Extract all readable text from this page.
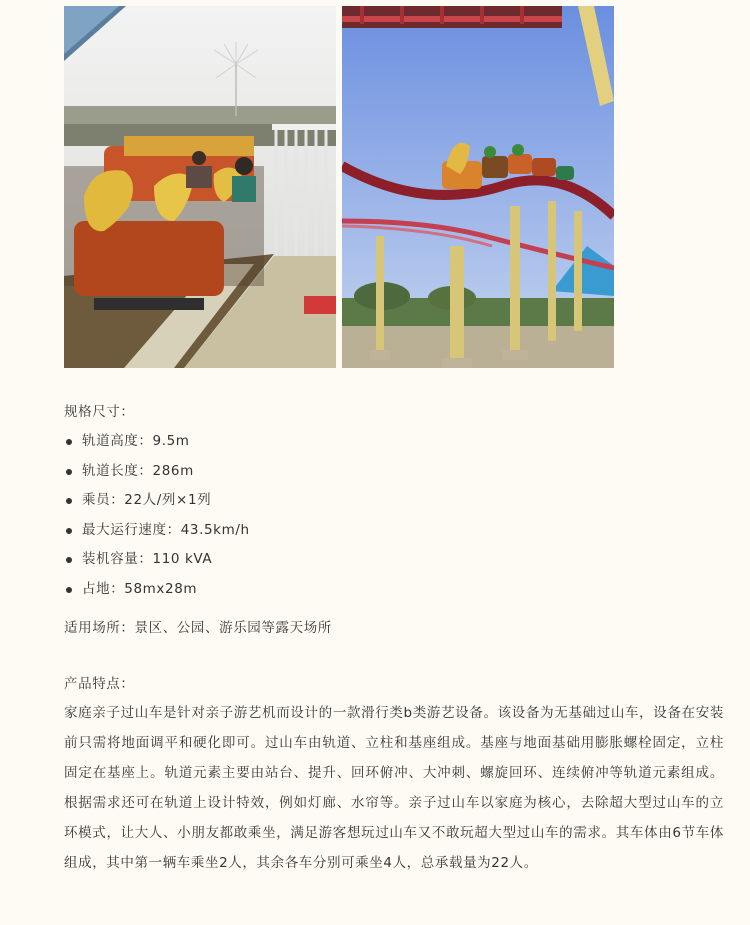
规格尺寸：
轨道高度：9.5m
轨道长度：286m
乘员：22人/列×1列
最大运行速度：43.5km/h
装机容量：110 kVA
占地：58mx28m
适用场所：景区、公园、游乐园等露天场所
产品特点：
家庭亲子过山车是针对亲子游艺机而设计的一款滑行类b类游艺设备。该设备为无基础过山车，设备在安装前只需将地面调平和硬化即可。过山车由轨道、立柱和基座组成。基座与地面基础用膨胀螺栓固定，立柱固定在基座上。轨道元素主要由站台、提升、回环俯冲、大冲刺、螺旋回环、连续俯冲等轨道元素组成。根据需求还可在轨道上设计特效，例如灯廊、水帘等。亲子过山车以家庭为核心，去除超大型过山车的立环模式，让大人、小朋友都敢乘坐，满足游客想玩过山车又不敢玩超大型过山车的需求。其车体由6节车体组成，其中第一辆车乘坐2人，其余各车分别可乘坐4人，总承载量为22人。
